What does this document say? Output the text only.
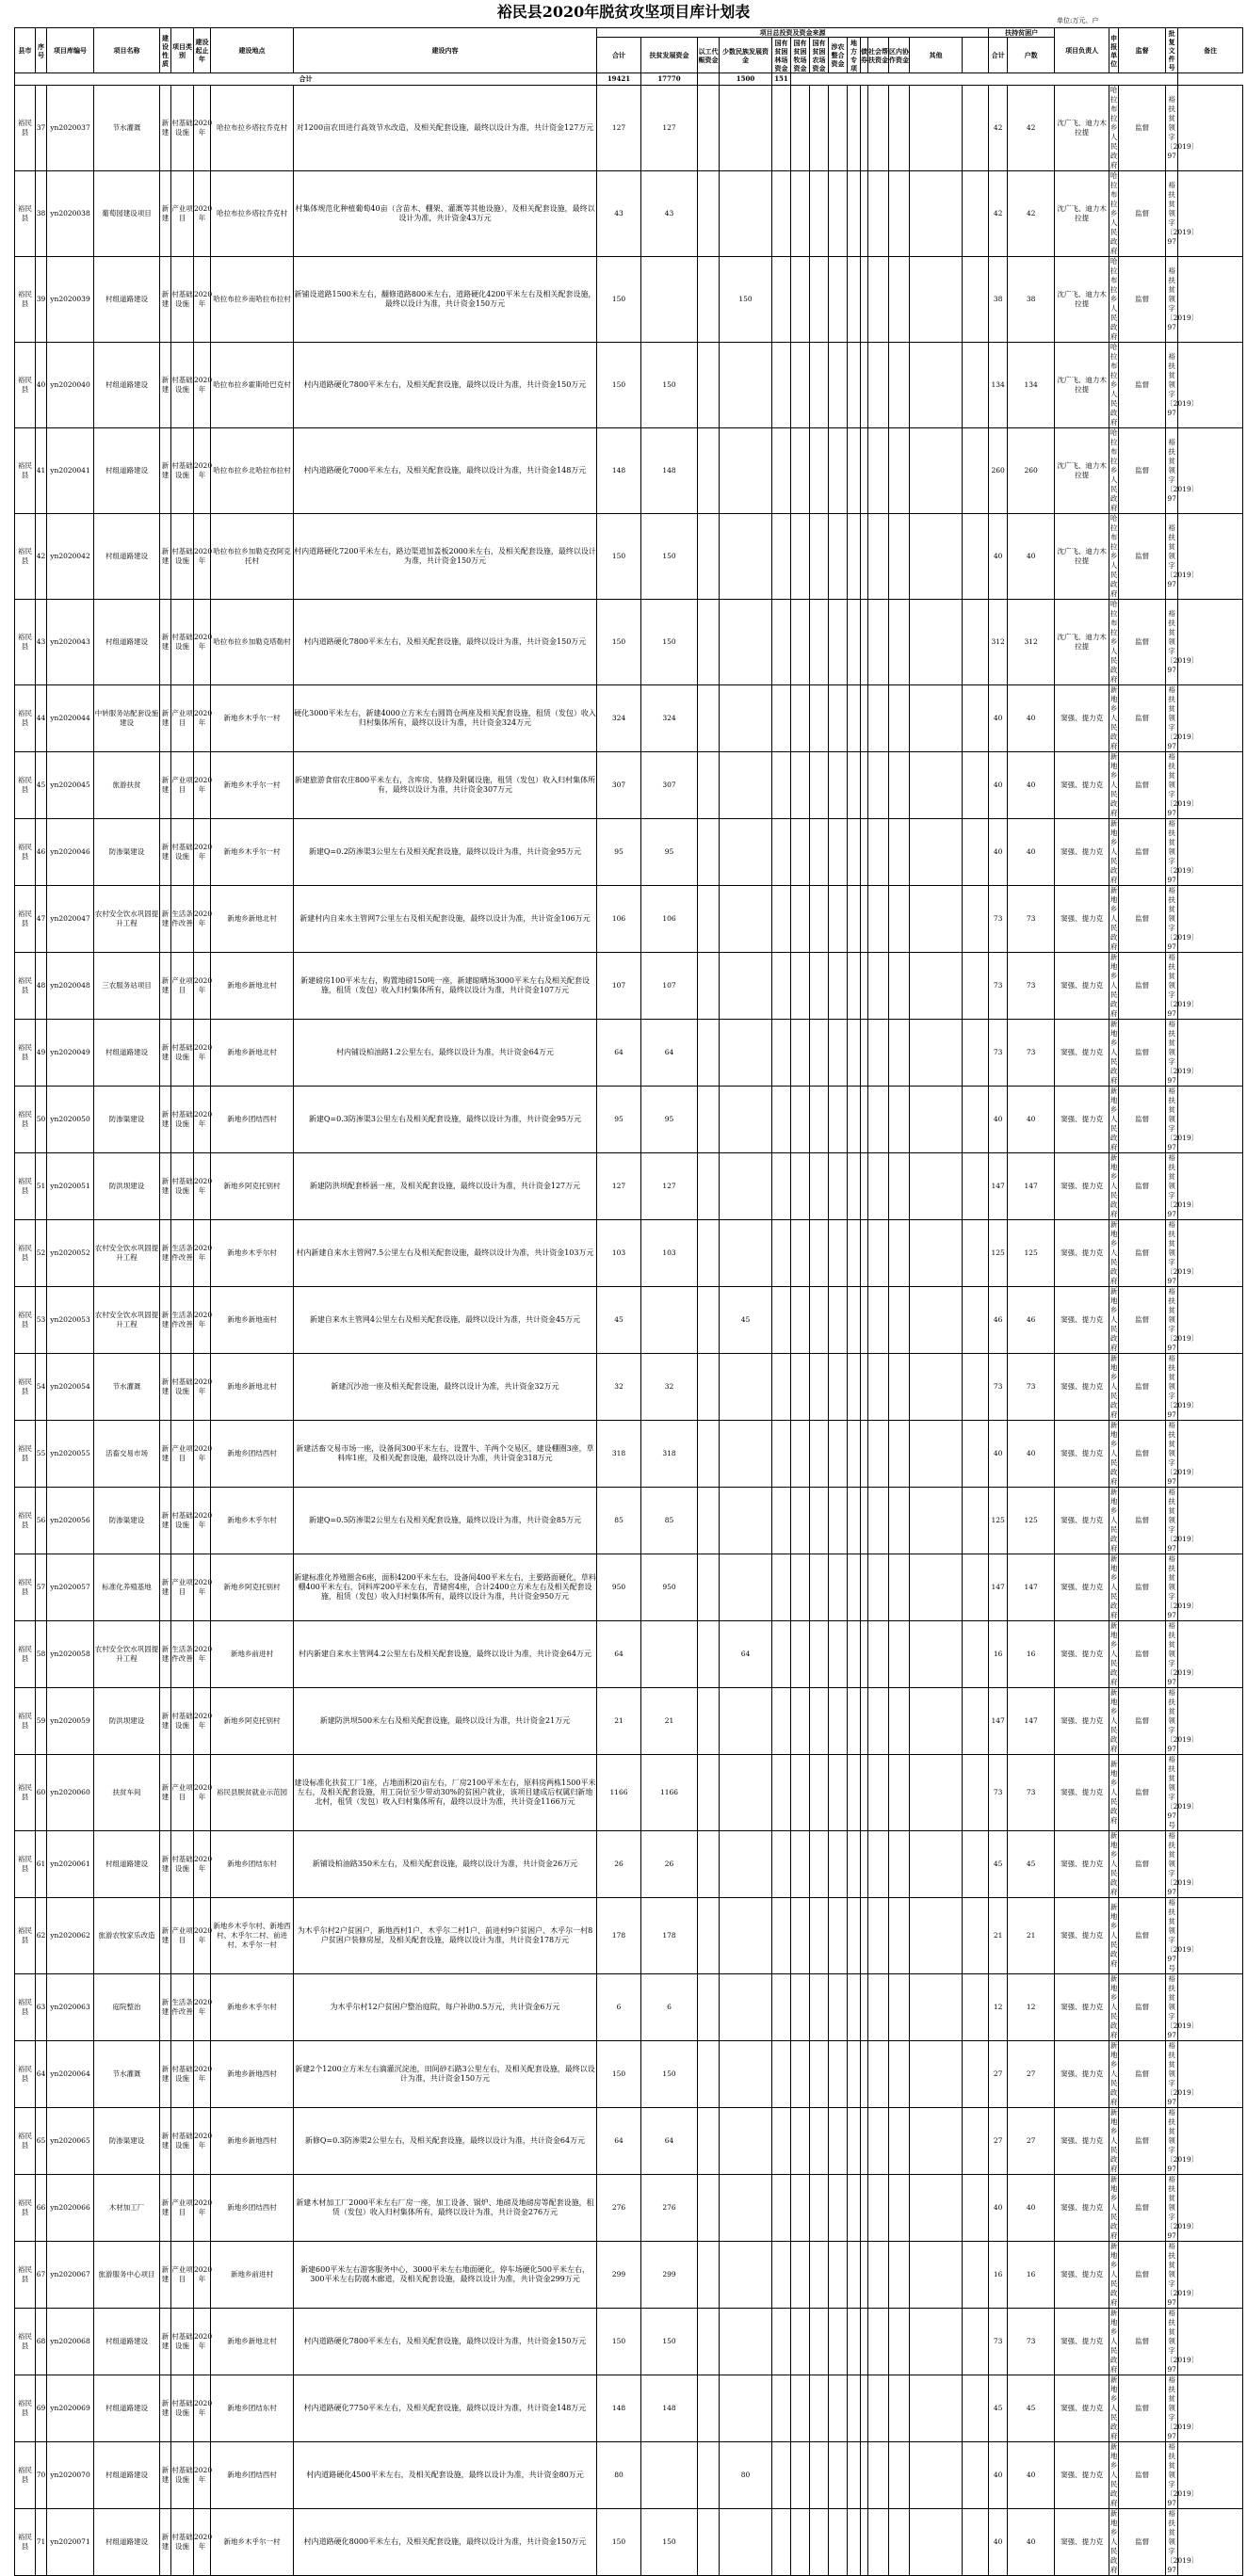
裕民县2020年脱贫攻坚项目库计划表	单位:万元、户
县市	序号	项目库编号	项目名称	建设性质	项目类别	建设起止年	建设地点	建设内容	项目总投资及资金来源														扶持贫困户		项目负责人	申报单位	监督	批复文件号	备注
									合计	扶贫发展资金	以工代赈资金	少数民族发展资金	国有贫困林场资金	国有贫困牧场资金	国有贫困农场资金	涉农整合资金	地方专项	债券	社会帮扶资金	区内协作资金	其他		合计	户数					
合计									19421	17770		1500	151																
裕民县	37	yn2020037	节水灌溉	新建	村基础设施	2020年	哈拉布拉乡塔拉乔克村	对1200亩农田进行高效节水改造，及相关配套设施，最终以设计为准，共计资金127万元	127	127													42	42	沈广飞、迪力木拉提	哈拉布拉乡人民政府	监督	裕扶贫领字〔2019〕97	
裕民县	38	yn2020038	葡萄园建设项目	新建	产业项目	2020年	哈拉布拉乡塔拉乔克村	村集体规范化种植葡萄40亩（含苗木、棚架、灌溉等其他设施），及相关配套设施，最终以设计为准，共计资金43万元	43	43													42	42	沈广飞、迪力木拉提	哈拉布拉乡人民政府	监督	裕扶贫领字〔2019〕97	
裕民县	39	yn2020039	村组道路建设	新建	村基础设施	2020年	哈拉布拉乡南哈拉布拉村	新铺设道路1500米左右，翻修道路800米左右，道路硬化4200平米左右及相关配套设施，最终以设计为准，共计资金150万元	150			150											38	38	沈广飞、迪力木拉提	哈拉布拉乡人民政府	监督	裕扶贫领字〔2019〕97	
裕民县	40	yn2020040	村组道路建设	新建	村基础设施	2020年	哈拉布拉乡霍斯哈巴克村	村内道路硬化7800平米左右，及相关配套设施，最终以设计为准，共计资金150万元	150	150													134	134	沈广飞、迪力木拉提	哈拉布拉乡人民政府	监督	裕扶贫领字〔2019〕97	
裕民县	41	yn2020041	村组道路建设	新建	村基础设施	2020年	哈拉布拉乡北哈拉布拉村	村内道路硬化7000平米左右，及相关配套设施，最终以设计为准，共计资金148万元	148	148													260	260	沈广飞、迪力木拉提	哈拉布拉乡人民政府	监督	裕扶贫领字〔2019〕97	
裕民县	42	yn2020042	村组道路建设	新建	村基础设施	2020年	哈拉布拉乡加勒克孜阿克托村	村内道路硬化7200平米左右，路边渠道加盖板2000米左右，及相关配套设施，最终以设计为准，共计资金150万元	150	150													40	40	沈广飞、迪力木拉提	哈拉布拉乡人民政府	监督	裕扶贫领字〔2019〕97	
裕民县	43	yn2020043	村组道路建设	新建	村基础设施	2020年	哈拉布拉乡加勒克塔勒村	村内道路硬化7800平米左右，及相关配套设施，最终以设计为准，共计资金150万元	150	150													312	312	沈广飞、迪力木拉提	哈拉布拉乡人民政府	监督	裕扶贫领字〔2019〕97	
裕民县	44	yn2020044	中转服务站配套设施建设	新建	产业项目	2020年	新地乡木乎尔一村	硬化3000平米左右，新建4000立方米左右圆筒仓两座及相关配套设施，租赁（发包）收入归村集体所有，最终以设计为准，共计资金324万元	324	324													40	40	窦强、提力克	新地乡人民政府	监督	裕扶贫领字〔2019〕97	
裕民县	45	yn2020045	旅游扶贫	新建	产业项目	2020年	新地乡木乎尔一村	新建旅游食宿农庄800平米左右，含库房、装修及附属设施，租赁（发包）收入归村集体所有，最终以设计为准，共计资金307万元	307	307													40	40	窦强、提力克	新地乡人民政府	监督	裕扶贫领字〔2019〕97	
裕民县	46	yn2020046	防渗渠建设	新建	村基础设施	2020年	新地乡木乎尔一村	新建Q=0.2防渗渠3公里左右及相关配套设施，最终以设计为准，共计资金95万元	95	95													40	40	窦强、提力克	新地乡人民政府	监督	裕扶贫领字〔2019〕97	
裕民县	47	yn2020047	农村安全饮水巩固提升工程	新建	生活条件改善	2020年	新地乡新地北村	新建村内自来水主管网7公里左右及相关配套设施，最终以设计为准，共计资金106万元	106	106													73	73	窦强、提力克	新地乡人民政府	监督	裕扶贫领字〔2019〕97	
裕民县	48	yn2020048	三农服务站项目	新建	产业项目	2020年	新地乡新地北村	新建磅房100平米左右，购置地磅150吨一座，新建晾晒场3000平米左右及相关配套设施，租赁（发包）收入归村集体所有，最终以设计为准，共计资金107万元	107	107													73	73	窦强、提力克	新地乡人民政府	监督	裕扶贫领字〔2019〕97	
裕民县	49	yn2020049	村组道路建设	新建	村基础设施	2020年	新地乡新地北村	村内铺设柏油路1.2公里左右，最终以设计为准，共计资金64万元	64	64													73	73	窦强、提力克	新地乡人民政府	监督	裕扶贫领字〔2019〕97	
裕民县	50	yn2020050	防渗渠建设	新建	村基础设施	2020年	新地乡团结西村	新建Q=0.3防渗渠3公里左右及相关配套设施，最终以设计为准，共计资金95万元	95	95													40	40	窦强、提力克	新地乡人民政府	监督	裕扶贫领字〔2019〕97	
裕民县	51	yn2020051	防洪坝建设	新建	村基础设施	2020年	新地乡阿克托别村	新建防洪坝配套桥涵一座，及相关配套设施，最终以设计为准，共计资金127万元	127	127													147	147	窦强、提力克	新地乡人民政府	监督	裕扶贫领字〔2019〕97	
裕民县	52	yn2020052	农村安全饮水巩固提升工程	新建	生活条件改善	2020年	新地乡木乎尔村	村内新建自来水主管网7.5公里左右及相关配套设施，最终以设计为准，共计资金103万元	103	103													125	125	窦强、提力克	新地乡人民政府	监督	裕扶贫领字〔2019〕97	
裕民县	53	yn2020053	农村安全饮水巩固提升工程	新建	生活条件改善	2020年	新地乡新地南村	新建自来水主管网4公里左右及相关配套设施，最终以设计为准，共计资金45万元	45			45											46	46	窦强、提力克	新地乡人民政府	监督	裕扶贫领字〔2019〕97	
裕民县	54	yn2020054	节水灌溉	新建	村基础设施	2020年	新地乡新地北村	新建沉沙池一座及相关配套设施，最终以设计为准，共计资金32万元	32	32													73	73	窦强、提力克	新地乡人民政府	监督	裕扶贫领字〔2019〕97	
裕民县	55	yn2020055	活畜交易市场	新建	产业项目	2020年	新地乡团结西村	新建活畜交易市场一座，设备间300平米左右，设置牛、羊两个交易区，建设棚圈3座，草料库1座，及相关配套设施，最终以设计为准，共计资金318万元	318	318													40	40	窦强、提力克	新地乡人民政府	监督	裕扶贫领字〔2019〕97	
裕民县	56	yn2020056	防渗渠建设	新建	村基础设施	2020年	新地乡木乎尔村	新建Q=0.5防渗渠2公里左右及相关配套设施，最终以设计为准，共计资金85万元	85	85													125	125	窦强、提力克	新地乡人民政府	监督	裕扶贫领字〔2019〕97	
裕民县	57	yn2020057	标准化养殖基地	新建	产业项目	2020年	新地乡阿克托别村	新建标准化养殖圈舍6座，面积4200平米左右，设备间400平米左右，主要路面硬化，草料棚400平米左右，饲料库200平米左右，青储窖4座，合计2400立方米左右及相关配套设施，租赁（发包）收入归村集体所有，最终以设计为准，共计资金950万元	950	950													147	147	窦强、提力克	新地乡人民政府	监督	裕扶贫领字〔2019〕97	
裕民县	58	yn2020058	农村安全饮水巩固提升工程	新建	生活条件改善	2020年	新地乡前进村	村内新建自来水主管网4.2公里左右及相关配套设施，最终以设计为准，共计资金64万元	64			64											16	16	窦强、提力克	新地乡人民政府	监督	裕扶贫领字〔2019〕97	
裕民县	59	yn2020059	防洪坝建设	新建	村基础设施	2020年	新地乡阿克托别村	新建防洪坝500米左右及相关配套设施，最终以设计为准，共计资金21万元	21	21													147	147	窦强、提力克	新地乡人民政府	监督	裕扶贫领字〔2019〕97	
裕民县	60	yn2020060	扶贫车间	新建	产业项目	2020年	裕民县脱贫就业示范园	建设标准化扶贫工厂1座，占地面积20亩左右，厂房2100平米左右，原料房两栋1500平米左右，及相关配套设施，用工岗位至少带动30%的贫困户就业，该项目建成后权属归新地北村，租赁（发包）收入归村集体所有，最终以设计为准，共计资金1166万元	1166	1166													73	73	窦强、提力克	新地乡人民政府	监督	裕扶贫领字〔2019〕97号	
裕民县	61	yn2020061	村组道路建设	新建	村基础设施	2020年	新地乡团结东村	新铺设柏油路350米左右，及相关配套设施，最终以设计为准，共计资金26万元	26	26													45	45	窦强、提力克	新地乡人民政府	监督	裕扶贫领字〔2019〕97	
裕民县	62	yn2020062	旅游农牧家乐改造	新建	产业项目	2020年	新地乡木乎尔村、新地西村、木乎尔二村、前进村、木乎尔一村	为木乎尔村2户贫困户，新地西村1户、木乎尔二村1户、前进村9户贫困户、木乎尔一村8户贫困户装修房屋，及相关配套设施，最终以设计为准，共计资金178万元	178	178													21	21	窦强、提力克	新地乡人民政府	监督	裕扶贫领字〔2019〕97号	
裕民县	63	yn2020063	庭院整治	新建	生活条件改善	2020年	新地乡木乎尔村	为木乎尔村12户贫困户整治庭院，每户补助0.5万元，共计资金6万元	6	6													12	12	窦强、提力克	新地乡人民政府	监督	裕扶贫领字〔2019〕97	
裕民县	64	yn2020064	节水灌溉	新建	村基础设施	2020年	新地乡新地西村	新建2个1200立方米左右滴灌沉淀池，田间砂石路3公里左右，及相关配套设施，最终以设计为准，共计资金150万元	150	150													27	27	窦强、提力克	新地乡人民政府	监督	裕扶贫领字〔2019〕97	
裕民县	65	yn2020065	防渗渠建设	新建	村基础设施	2020年	新地乡新地西村	新修Q=0.3防渗渠2公里左右，及相关配套设施，最终以设计为准，共计资金64万元	64	64													27	27	窦强、提力克	新地乡人民政府	监督	裕扶贫领字〔2019〕97	
裕民县	66	yn2020066	木材加工厂	新建	产业项目	2020年	新地乡团结西村	新建木材加工厂2000平米左右厂房一座，加工设备、锅炉、地磅及地磅房等配套设施，租赁（发包）收入归村集体所有，最终以设计为准，共计资金276万元	276	276													40	40	窦强、提力克	新地乡人民政府	监督	裕扶贫领字〔2019〕97	
裕民县	67	yn2020067	旅游服务中心项目	新建	产业项目	2020年	新地乡前进村	新建600平米左右游客服务中心，3000平米左右地面硬化，停车场硬化500平米左右，300平米左右防腐木廊道，及相关配套设施，最终以设计为准，共计资金299万元	299	299													16	16	窦强、提力克	新地乡人民政府	监督	裕扶贫领字〔2019〕97	
裕民县	68	yn2020068	村组道路建设	新建	村基础设施	2020年	新地乡新地北村	村内道路硬化7800平米左右，及相关配套设施，最终以设计为准，共计资金150万元	150	150													73	73	窦强、提力克	新地乡人民政府	监督	裕扶贫领字〔2019〕97	
裕民县	69	yn2020069	村组道路建设	新建	村基础设施	2020年	新地乡团结东村	村内道路硬化7750平米左右，及相关配套设施，最终以设计为准，共计资金148万元	148	148													45	45	窦强、提力克	新地乡人民政府	监督	裕扶贫领字〔2019〕97	
裕民县	70	yn2020070	村组道路建设	新建	村基础设施	2020年	新地乡团结西村	村内道路硬化4500平米左右，及相关配套设施，最终以设计为准，共计资金80万元	80			80											40	40	窦强、提力克	新地乡人民政府	监督	裕扶贫领字〔2019〕97	
裕民县	71	yn2020071	村组道路建设	新建	村基础设施	2020年	新地乡木乎尔一村	村内道路硬化8000平米左右，及相关配套设施，最终以设计为准，共计资金150万元	150	150													40	40	窦强、提力克	新地乡人民政府	监督	裕扶贫领字〔2019〕97	
